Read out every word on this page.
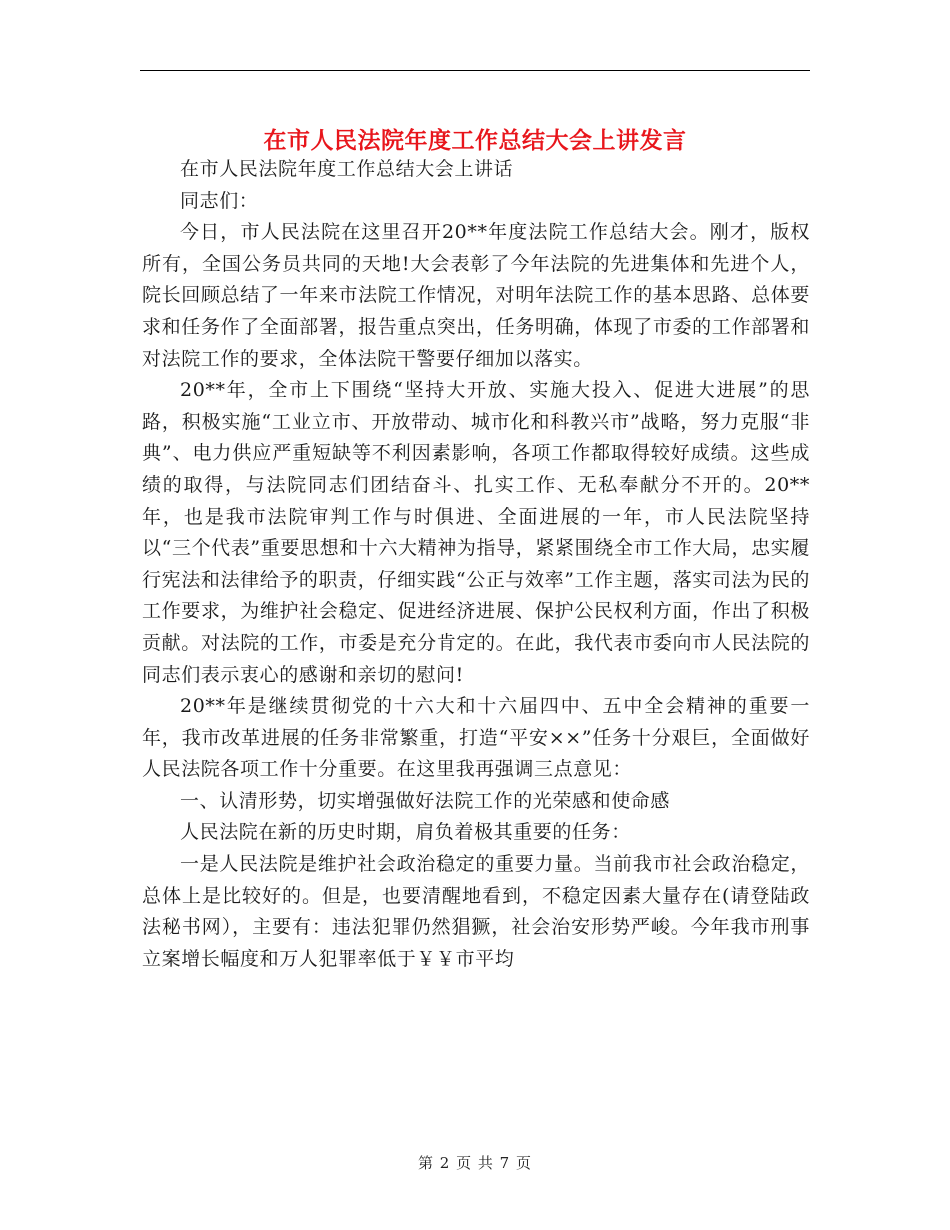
在市人民法院年度工作总结大会上讲发言

在市人民法院年度工作总结大会上讲话

同志们：

今日，市人民法院在这里召开20**年度法院工作总结大会。刚才，版权所有，全国公务员共同的天地!大会表彰了今年法院的先进集体和先进个人，院长回顾总结了一年来市法院工作情况，对明年法院工作的基本思路、总体要求和任务作了全面部署，报告重点突出，任务明确，体现了市委的工作部署和对法院工作的要求，全体法院干警要仔细加以落实。

20**年，全市上下围绕“坚持大开放、实施大投入、促进大进展”的思路，积极实施“工业立市、开放带动、城市化和科教兴市”战略，努力克服“非典”、电力供应严重短缺等不利因素影响，各项工作都取得较好成绩。这些成绩的取得，与法院同志们团结奋斗、扎实工作、无私奉献分不开的。20**年，也是我市法院审判工作与时俱进、全面进展的一年，市人民法院坚持以“三个代表”重要思想和十六大精神为指导，紧紧围绕全市工作大局，忠实履行宪法和法律给予的职责，仔细实践“公正与效率”工作主题，落实司法为民的工作要求，为维护社会稳定、促进经济进展、保护公民权利方面，作出了积极贡献。对法院的工作，市委是充分肯定的。在此，我代表市委向市人民法院的同志们表示衷心的感谢和亲切的慰问!

20**年是继续贯彻党的十六大和十六届四中、五中全会精神的重要一年，我市改革进展的任务非常繁重，打造“平安××”任务十分艰巨，全面做好人民法院各项工作十分重要。在这里我再强调三点意见：

一、认清形势，切实增强做好法院工作的光荣感和使命感

人民法院在新的历史时期，肩负着极其重要的任务：

一是人民法院是维护社会政治稳定的重要力量。当前我市社会政治稳定，总体上是比较好的。但是，也要清醒地看到，不稳定因素大量存在(请登陆政法秘书网），主要有：违法犯罪仍然猖獗，社会治安形势严峻。今年我市刑事立案增长幅度和万人犯罪率低于￥￥市平均

第 2 页 共 7 页
